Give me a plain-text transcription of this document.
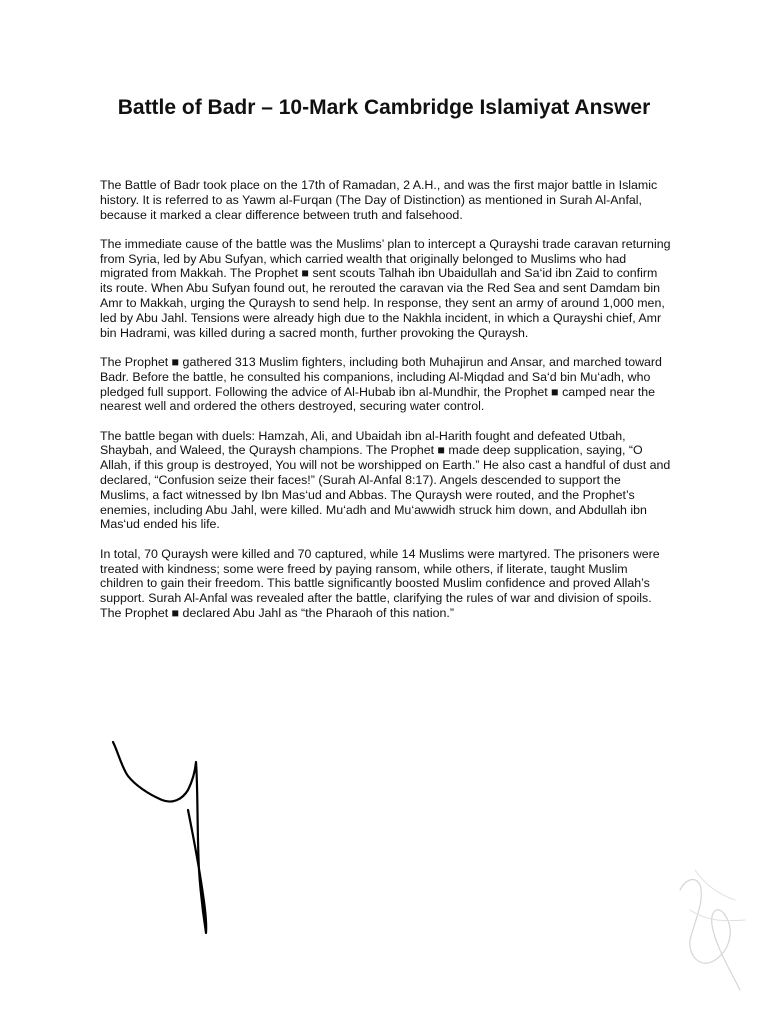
Battle of Badr – 10-Mark Cambridge Islamiyat Answer

The Battle of Badr took place on the 17th of Ramadan, 2 A.H., and was the first major battle in Islamic history. It is referred to as Yawm al-Furqan (The Day of Distinction) as mentioned in Surah Al-Anfal, because it marked a clear difference between truth and falsehood.

The immediate cause of the battle was the Muslims’ plan to intercept a Qurayshi trade caravan returning from Syria, led by Abu Sufyan, which carried wealth that originally belonged to Muslims who had migrated from Makkah. The Prophet ■ sent scouts Talhah ibn Ubaidullah and Sa‘id ibn Zaid to confirm its route. When Abu Sufyan found out, he rerouted the caravan via the Red Sea and sent Damdam bin Amr to Makkah, urging the Quraysh to send help. In response, they sent an army of around 1,000 men, led by Abu Jahl. Tensions were already high due to the Nakhla incident, in which a Qurayshi chief, Amr bin Hadrami, was killed during a sacred month, further provoking the Quraysh.

The Prophet ■ gathered 313 Muslim fighters, including both Muhajirun and Ansar, and marched toward Badr. Before the battle, he consulted his companions, including Al-Miqdad and Sa‘d bin Mu‘adh, who pledged full support. Following the advice of Al-Hubab ibn al-Mundhir, the Prophet ■ camped near the nearest well and ordered the others destroyed, securing water control.

The battle began with duels: Hamzah, Ali, and Ubaidah ibn al-Harith fought and defeated Utbah, Shaybah, and Waleed, the Quraysh champions. The Prophet ■ made deep supplication, saying, “O Allah, if this group is destroyed, You will not be worshipped on Earth.” He also cast a handful of dust and declared, “Confusion seize their faces!” (Surah Al-Anfal 8:17). Angels descended to support the Muslims, a fact witnessed by Ibn Mas‘ud and Abbas. The Quraysh were routed, and the Prophet’s enemies, including Abu Jahl, were killed. Mu‘adh and Mu‘awwidh struck him down, and Abdullah ibn Mas‘ud ended his life.

In total, 70 Quraysh were killed and 70 captured, while 14 Muslims were martyred. The prisoners were treated with kindness; some were freed by paying ransom, while others, if literate, taught Muslim children to gain their freedom. This battle significantly boosted Muslim confidence and proved Allah’s support. Surah Al-Anfal was revealed after the battle, clarifying the rules of war and division of spoils. The Prophet ■ declared Abu Jahl as “the Pharaoh of this nation.”
